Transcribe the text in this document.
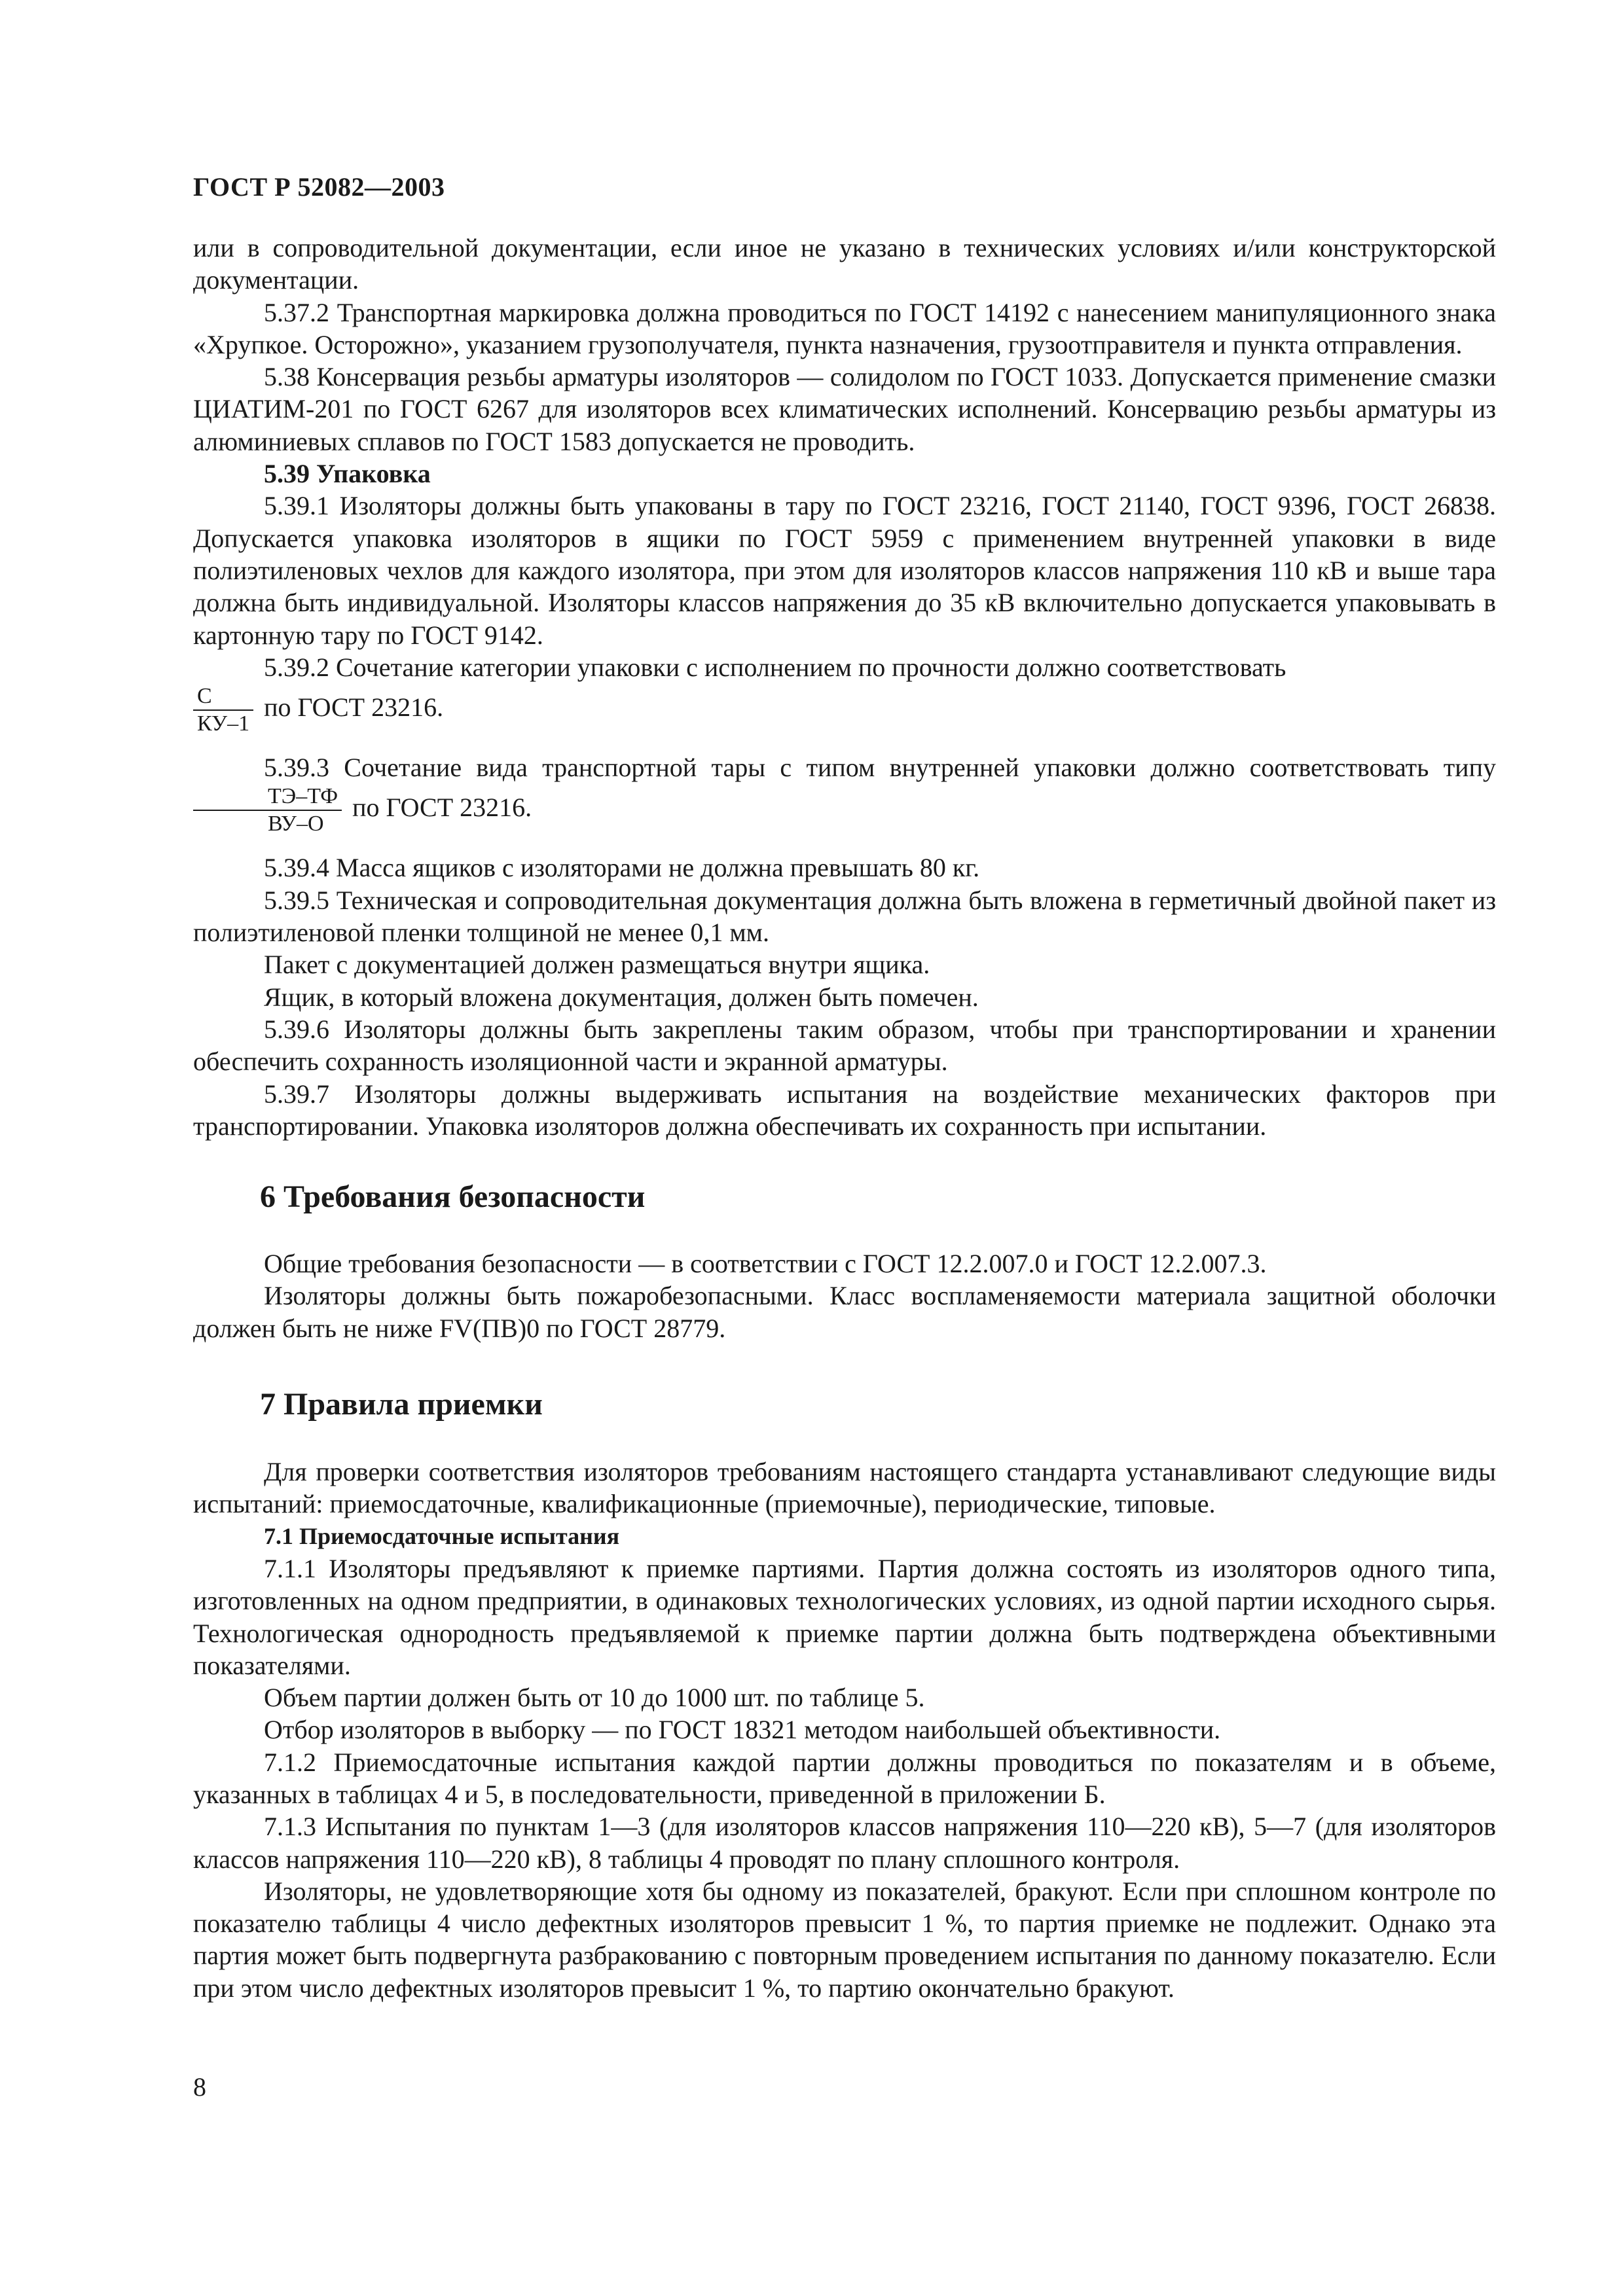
ГОСТ Р 52082—2003

или в сопроводительной документации, если иное не указано в технических условиях и/или конструкторской документации.

5.37.2 Транспортная маркировка должна проводиться по ГОСТ 14192 с нанесением манипуляционного знака «Хрупкое. Осторожно», указанием грузополучателя, пункта назначения, грузоотправителя и пункта отправления.

5.38 Консервация резьбы арматуры изоляторов — солидолом по ГОСТ 1033. Допускается применение смазки ЦИАТИМ-201 по ГОСТ 6267 для изоляторов всех климатических исполнений. Консервацию резьбы арматуры из алюминиевых сплавов по ГОСТ 1583 допускается не проводить.

5.39 Упаковка

5.39.1 Изоляторы должны быть упакованы в тару по ГОСТ 23216, ГОСТ 21140, ГОСТ 9396, ГОСТ 26838. Допускается упаковка изоляторов в ящики по ГОСТ 5959 с применением внутренней упаковки в виде полиэтиленовых чехлов для каждого изолятора, при этом для изоляторов классов напряжения 110 кВ и выше тара должна быть индивидуальной. Изоляторы классов напряжения до 35 кВ включительно допускается упаковывать в картонную тару по ГОСТ 9142.

5.39.2 Сочетание категории упаковки с исполнением по прочности должно соответствовать

$\frac{С}{КУ-1}$ по ГОСТ 23216.

5.39.3 Сочетание вида транспортной тары с типом внутренней упаковки должно соответствовать типу
$\frac{ТЭ-ТФ}{ВУ-О}$ по ГОСТ 23216.

5.39.4 Масса ящиков с изоляторами не должна превышать 80 кг.

5.39.5 Техническая и сопроводительная документация должна быть вложена в герметичный двойной пакет из полиэтиленовой пленки толщиной не менее 0,1 мм.

Пакет с документацией должен размещаться внутри ящика.

Ящик, в который вложена документация, должен быть помечен.

5.39.6 Изоляторы должны быть закреплены таким образом, чтобы при транспортировании и хранении обеспечить сохранность изоляционной части и экранной арматуры.

5.39.7 Изоляторы должны выдерживать испытания на воздействие механических факторов при транспортировании. Упаковка изоляторов должна обеспечивать их сохранность при испытании.

6 Требования безопасности

Общие требования безопасности — в соответствии с ГОСТ 12.2.007.0 и ГОСТ 12.2.007.3.

Изоляторы должны быть пожаробезопасными. Класс воспламеняемости материала защитной оболочки должен быть не ниже FV(ПВ)0 по ГОСТ 28779.

7 Правила приемки

Для проверки соответствия изоляторов требованиям настоящего стандарта устанавливают следующие виды испытаний: приемосдаточные, квалификационные (приемочные), периодические, типовые.

7.1 Приемосдаточные испытания

7.1.1 Изоляторы предъявляют к приемке партиями. Партия должна состоять из изоляторов одного типа, изготовленных на одном предприятии, в одинаковых технологических условиях, из одной партии исходного сырья. Технологическая однородность предъявляемой к приемке партии должна быть подтверждена объективными показателями.

Объем партии должен быть от 10 до 1000 шт. по таблице 5.

Отбор изоляторов в выборку — по ГОСТ 18321 методом наибольшей объективности.

7.1.2 Приемосдаточные испытания каждой партии должны проводиться по показателям и в объеме, указанных в таблицах 4 и 5, в последовательности, приведенной в приложении Б.

7.1.3 Испытания по пунктам 1—3 (для изоляторов классов напряжения 110—220 кВ), 5—7 (для изоляторов классов напряжения 110—220 кВ), 8 таблицы 4 проводят по плану сплошного контроля.

Изоляторы, не удовлетворяющие хотя бы одному из показателей, бракуют. Если при сплошном контроле по показателю таблицы 4 число дефектных изоляторов превысит 1 %, то партия приемке не подлежит. Однако эта партия может быть подвергнута разбракованию с повторным проведением испытания по данному показателю. Если при этом число дефектных изоляторов превысит 1 %, то партию окончательно бракуют.

8
